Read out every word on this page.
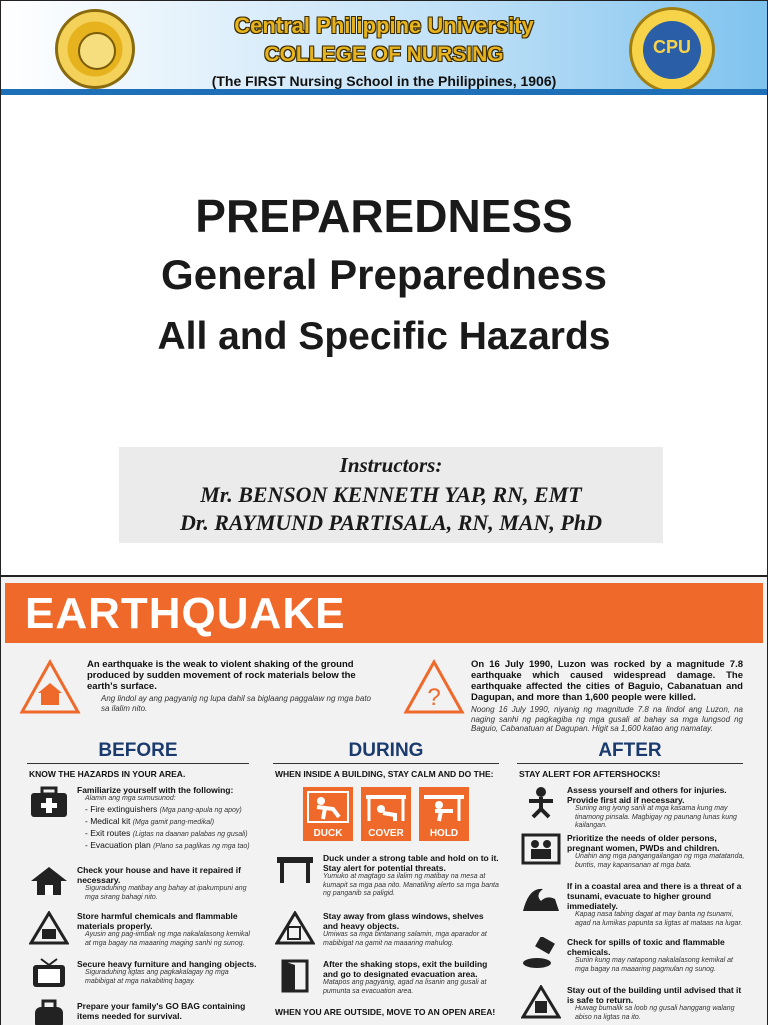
Central Philippine University
COLLEGE OF NURSING
(The FIRST Nursing School in the Philippines, 1906)
CPU
PREPAREDNESS
General Preparedness
All and Specific Hazards
Instructors:
Mr. BENSON KENNETH YAP, RN, EMT
Dr. RAYMUND PARTISALA, RN, MAN, PhD
EARTHQUAKE
An earthquake is the weak to violent shaking of the ground produced by sudden movement of rock materials below the earth's surface.
Ang lindol ay ang pagyanig ng lupa dahil sa biglaang paggalaw ng mga bato sa ilalim nito.	?
On 16 July 1990, Luzon was rocked by a magnitude 7.8 earthquake which caused widespread damage. The earthquake affected the cities of Baguio, Cabanatuan and Dagupan, and more than 1,600 people were killed.
Noong 16 July 1990, niyanig ng magnitude 7.8 na lindol ang Luzon, na naging sanhi ng pagkagiba ng mga gusali at bahay sa mga lungsod ng Baguio, Cabanatuan at Dagupan. Higit sa 1,600 katao ang namatay.
BEFORE
KNOW THE HAZARDS IN YOUR AREA.
Familiarize yourself with the following:
Alamin ang mga sumusunod:
- Fire extinguishers (Mga pang-apula ng apoy)
- Medical kit (Mga gamit pang-medikal)
- Exit routes (Ligtas na daanan palabas ng gusali)
- Evacuation plan (Plano sa paglikas ng mga tao)
Check your house and have it repaired if necessary.
Siguraduhing matibay ang bahay at ipakumpuni ang mga sirang bahagi nito.
Store harmful chemicals and flammable materials properly.
Ayusin ang pag-iimbak ng mga nakalalasong kemikal at mga bagay na maaaring maging sanhi ng sunog.
Secure heavy furniture and hanging objects.
Siguraduhing ligtas ang pagkakalagay ng mga mabibigat at mga nakabitinq bagay.
Prepare your family's GO BAG containing items needed for survival.
DURING
WHEN INSIDE A BUILDING, STAY CALM AND DO THE:
DUCK	COVER	HOLD
Duck under a strong table and hold on to it. Stay alert for potential threats.
Yumuko at magtago sa ilalim ng matibay na mesa at kumapit sa mga paa nito. Manatiling alerto sa mga banta ng panganib sa paligid.
Stay away from glass windows, shelves and heavy objects.
Umiwas sa mga bintanang salamin, mga aparador at mabibigat na gamit na maaaring mahulog.
After the shaking stops, exit the building and go to designated evacuation area.
Matapos ang pagyanig, agad na lisanin ang gusali at pumunta sa evacuation area.
WHEN YOU ARE OUTSIDE, MOVE TO AN OPEN AREA!
AFTER
STAY ALERT FOR AFTERSHOCKS!
Assess yourself and others for injuries. Provide first aid if necessary.
Suriing ang iyong sarili at mga kasama kung may tinamong pinsala. Magbigay ng paunang lunas kung kailangan.
Prioritize the needs of older persons, pregnant women, PWDs and children.
Unahin ang mga pangangailangan ng mga matatanda, buntis, may kapansanan at mga bata.
If in a coastal area and there is a threat of a tsunami, evacuate to higher ground immediately.
Kapag nasa tabing dagat at may banta ng tsunami, agad na lumikas papunta sa ligtas at mataas na lugar.
Check for spills of toxic and flammable chemicals.
Suriin kung may natapong nakalalasong kemikal at mga bagay na maaaring pagmulan ng sunog.
Stay out of the building until advised that it is safe to return.
Huwag bumalik sa loob ng gusali hanggang walang abiso na ligtas na ito.
